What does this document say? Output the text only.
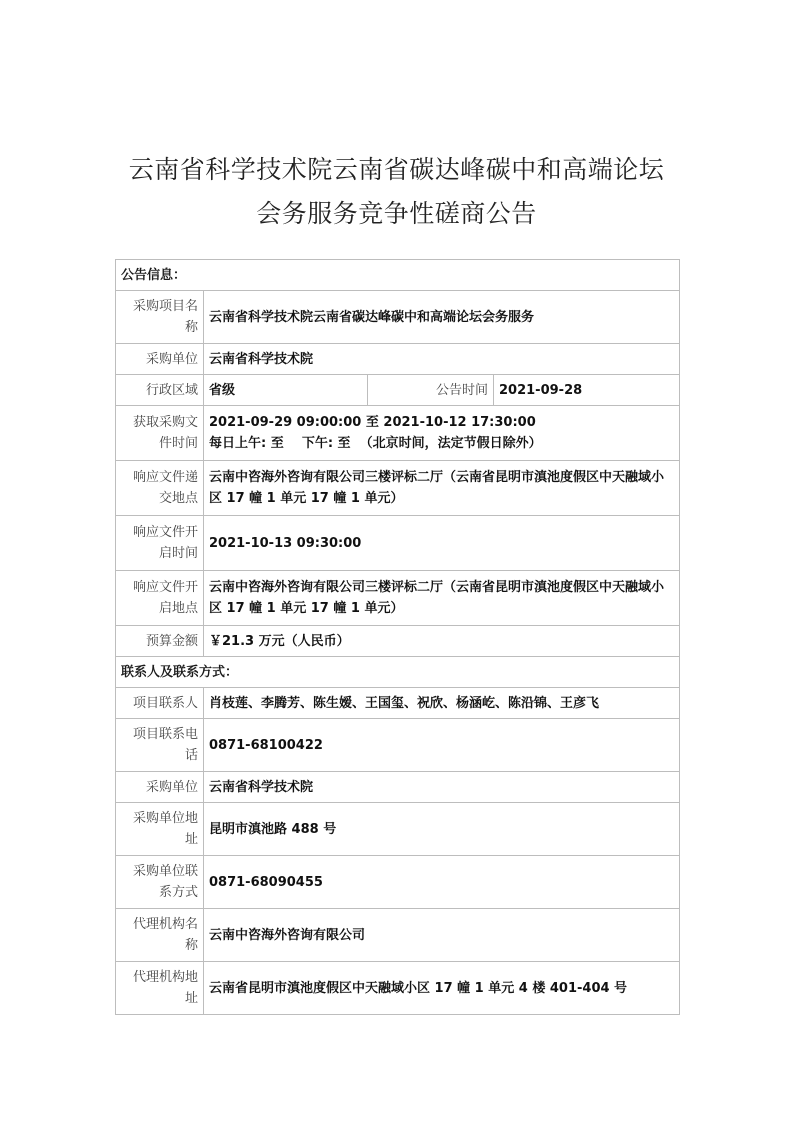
云南省科学技术院云南省碳达峰碳中和高端论坛
会务服务竞争性磋商公告
公告信息：			
采购项目名称	云南省科学技术院云南省碳达峰碳中和高端论坛会务服务		
采购单位	云南省科学技术院		
行政区域	省级	公告时间	2021-09-28
获取采购文件时间	2021-09-29 09:00:00 至 2021-10-12 17:30:00
每日上午: 至    下午: 至  （北京时间，法定节假日除外）		

响应文件递交地点	云南中咨海外咨询有限公司三楼评标二厅（云南省昆明市滇池度假区中天融域小区 17 幢 1 单元 17 幢 1 单元）		
响应文件开启时间	2021-10-13 09:30:00		
响应文件开启地点	云南中咨海外咨询有限公司三楼评标二厅（云南省昆明市滇池度假区中天融域小区 17 幢 1 单元 17 幢 1 单元）		
预算金额	￥21.3 万元（人民币）		
联系人及联系方式：			
项目联系人	肖枝莲、李腾芳、陈生嫒、王国玺、祝欣、杨涵屹、陈沿锦、王彦飞		
项目联系电话	0871-68100422		
采购单位	云南省科学技术院		
采购单位地址	昆明市滇池路 488 号		
采购单位联系方式	0871-68090455		
代理机构名称	云南中咨海外咨询有限公司		
代理机构地址	云南省昆明市滇池度假区中天融域小区 17 幢 1 单元 4 楼 401-404 号		
